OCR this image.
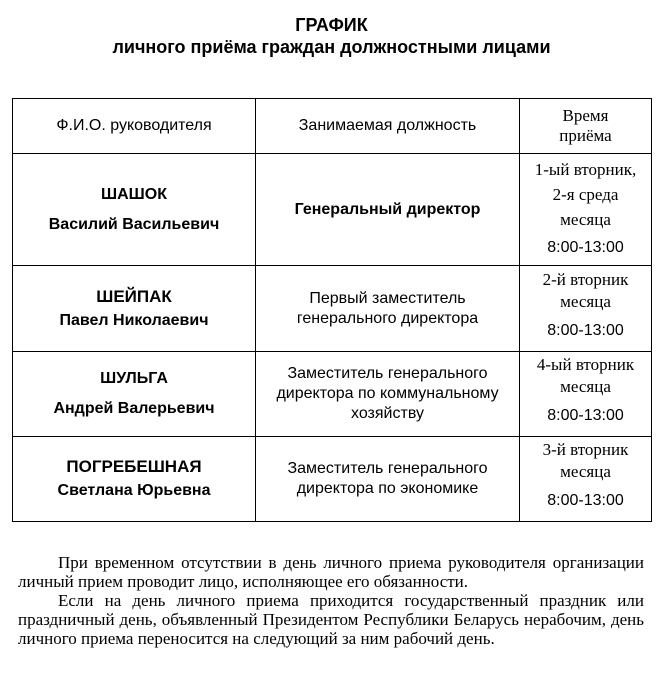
ГРАФИК
личного приёма граждан должностными лицами
Ф.И.О. руководителя	Занимаемая должность	Время
приёма

ШАШОК
Василий Васильевич	Генеральный директор	1-ый вторник,
2-я среда
месяца
8:00-13:00

ШЕЙПАК
Павел Николаевич	Первый заместитель
генерального директора	2-й вторник
месяца
8:00-13:00

ШУЛЬГА
Андрей Валерьевич	Заместитель генерального
директора по коммунальному
хозяйству	4-ый вторник
месяца
8:00-13:00

ПОГРЕБЕШНАЯ
Светлана Юрьевна	Заместитель генерального
директора по экономике	3-й вторник
месяца
8:00-13:00

При временном отсутствии в день личного приема руководителя организации личный прием проводит лицо, исполняющее его обязанности.

Если на день личного приема приходится государственный праздник или праздничный день, объявленный Президентом Республики Беларусь нерабочим, день личного приема переносится на следующий за ним рабочий день.
